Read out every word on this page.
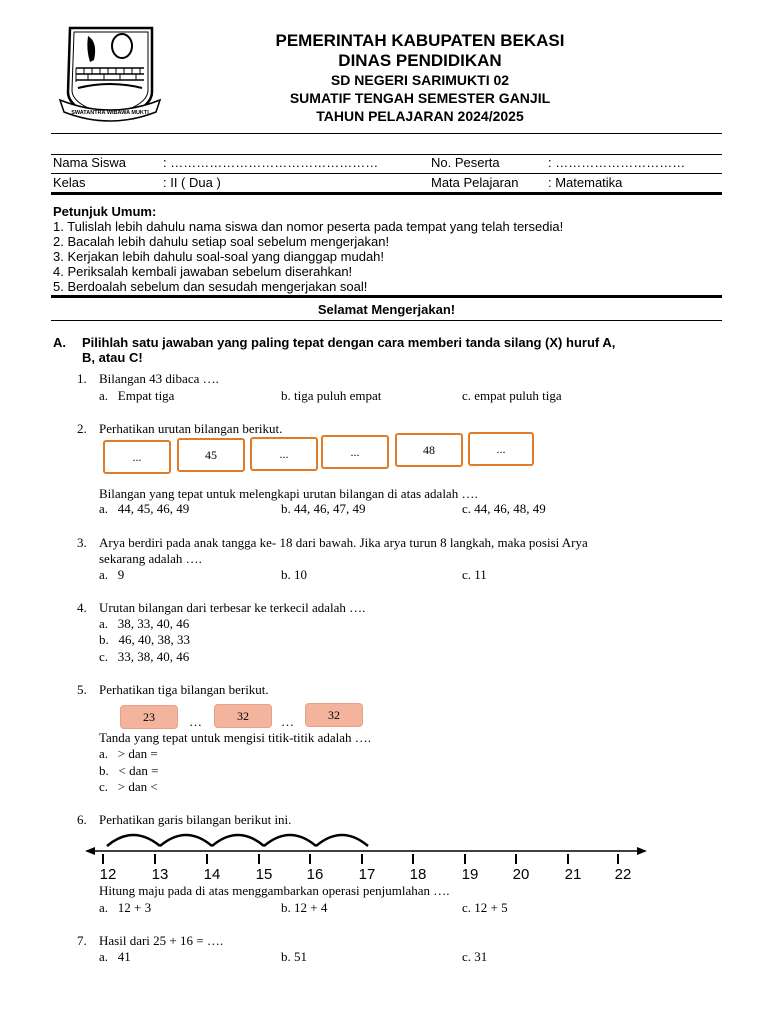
SWATANTRA WIBAWA MUKTI
PEMERINTAH KABUPATEN BEKASI
DINAS PENDIDIKAN
SD NEGERI SARIMUKTI 02
SUMATIF TENGAH SEMESTER GANJIL
TAHUN PELAJARAN 2024/2025
Nama Siswa	: …………………………………………	No. Peserta	: …………………………
Kelas	: II ( Dua )	Mata Pelajaran : Matematika
Petunjuk Umum:
1. Tulislah lebih dahulu nama siswa dan nomor peserta pada tempat yang telah tersedia!
2. Bacalah lebih dahulu setiap soal sebelum mengerjakan!
3. Kerjakan lebih dahulu soal-soal yang dianggap mudah!
4. Periksalah kembali jawaban sebelum diserahkan!
5. Berdoalah sebelum dan sesudah mengerjakan soal!
Selamat Mengerjakan!
A. Pilihlah satu jawaban yang paling tepat dengan cara memberi tanda silang (X) huruf A,
B, atau C!
1. Bilangan 43 dibaca ….
a.   Empat tiga	b. tiga puluh empat	c. empat puluh tiga
2. Perhatikan urutan bilangan berikut.
...	45	...	...	48	...
Bilangan yang tepat untuk melengkapi urutan bilangan di atas adalah ….
a.   44, 45, 46, 49	b. 44, 46, 47, 49	c. 44, 46, 48, 49
3. Arya berdiri pada anak tangga ke- 18 dari bawah. Jika arya turun 8 langkah, maka posisi Arya
sekarang adalah ….
a.   9	b. 10	c. 11
4. Urutan bilangan dari terbesar ke terkecil adalah ….
a.   38, 33, 40, 46
b.   46, 40, 38, 33
c.   33, 38, 40, 46
5. Perhatikan tiga bilangan berikut.
23	…	32	…	32
Tanda yang tepat untuk mengisi titik-titik adalah ….
a.   > dan =
b.   < dan =
c.   > dan <
6. Perhatikan garis bilangan berikut ini.
12	13	14	15	16	17	18	19	20	21	22
Hitung maju pada di atas menggambarkan operasi penjumlahan ….
a.   12 + 3	b. 12 + 4	c. 12 + 5
7. Hasil dari 25 + 16 = ….
a.   41	b. 51	c. 31
